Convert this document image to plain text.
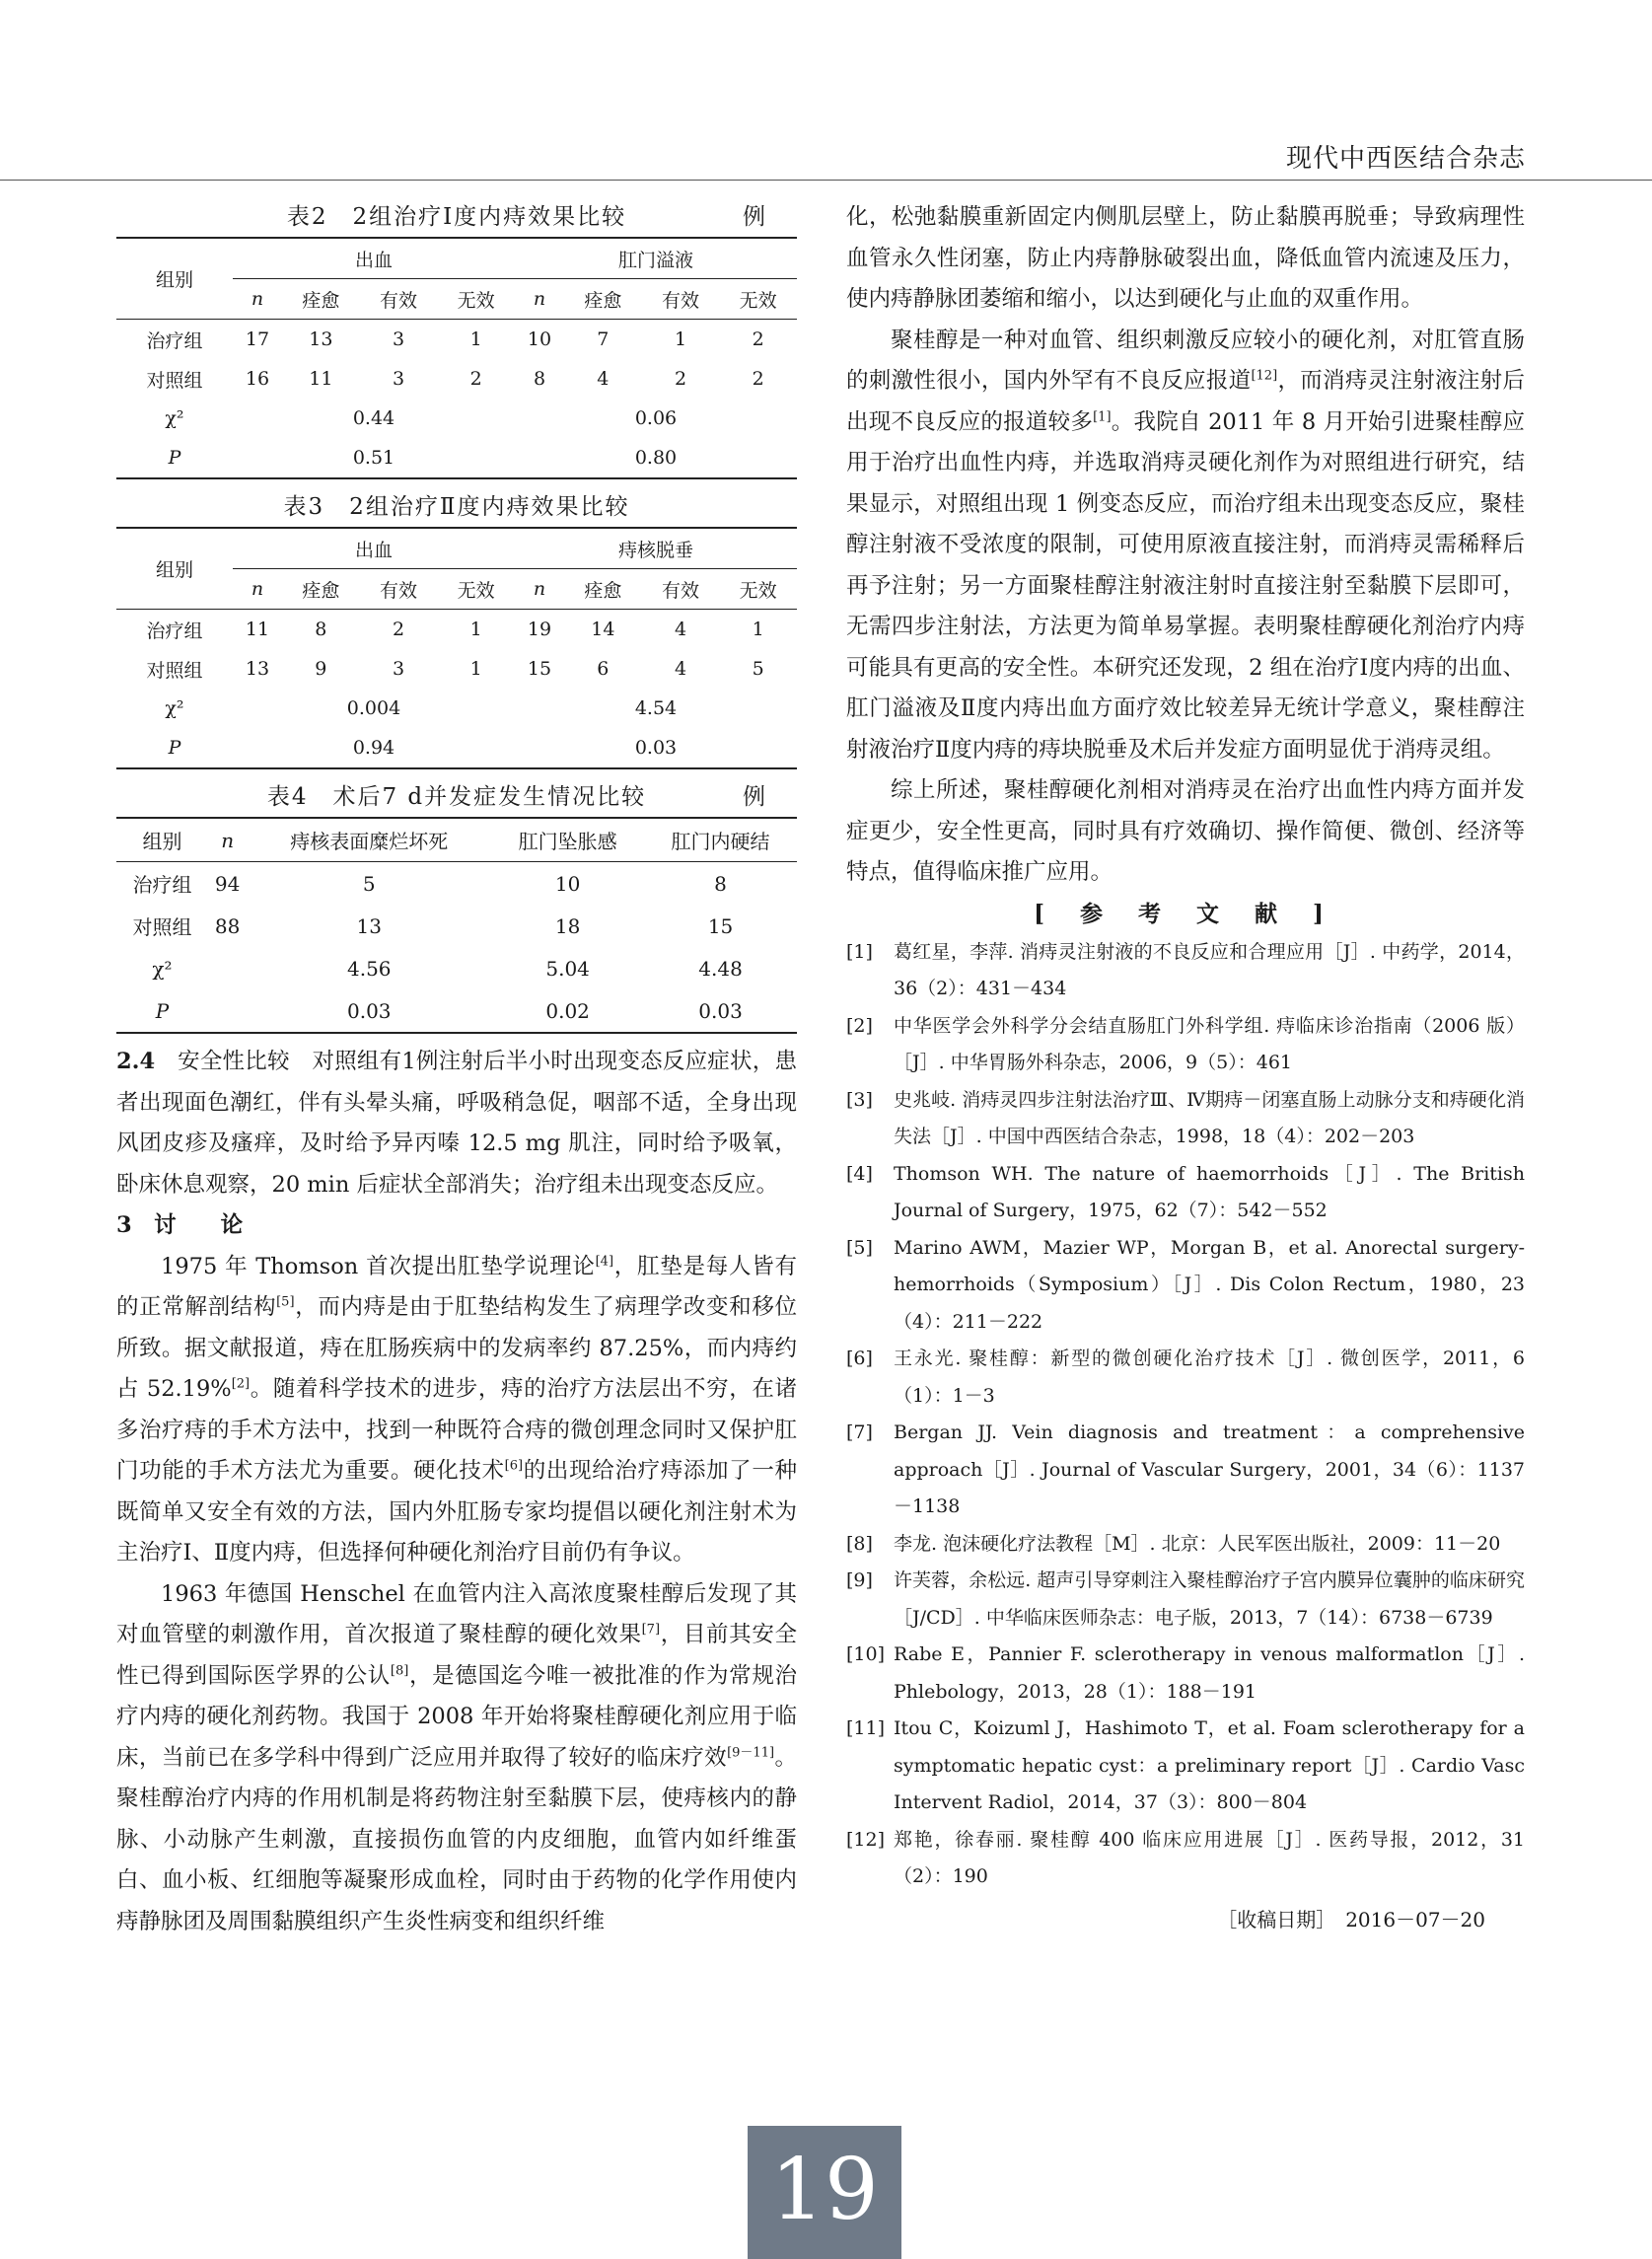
现代中西医结合杂志
表2　2组治疗Ⅰ度内痔效果比较	例
组别	出血				肛门溢液			
	n	痊愈	有效	无效	n	痊愈	有效	无效
治疗组	17	13	3	1	10	7	1	2
对照组	16	11	3	2	8	4	2	2
χ²	0.44				0.06			
P	0.51				0.80			
表3　2组治疗Ⅱ度内痔效果比较
组别	出血				痔核脱垂			
	n	痊愈	有效	无效	n	痊愈	有效	无效
治疗组	11	8	2	1	19	14	4	1
对照组	13	9	3	1	15	6	4	5
χ²	0.004				4.54			
P	0.94				0.03			
表4　术后7 d并发症发生情况比较	例
组别	n	痔核表面糜烂坏死	肛门坠胀感	肛门内硬结
治疗组	94	5	10	8
对照组	88	13	18	15
χ²		4.56	5.04	4.48
P		0.03	0.02	0.03

2.4　 安全性比较　 对照组有1例注射后半小时出现变态反应症状，患者出现面色潮红，伴有头晕头痛，呼吸稍急促，咽部不适，全身出现风团皮疹及瘙痒，及时给予异丙嗪 12.5 mg 肌注，同时给予吸氧，卧床休息观察，20 min 后症状全部消失；治疗组未出现变态反应。

3　讨　　论

1975 年 Thomson 首次提出肛垫学说理论[4]，肛垫是每人皆有的正常解剖结构[5]，而内痔是由于肛垫结构发生了病理学改变和移位所致。据文献报道，痔在肛肠疾病中的发病率约 87.25%，而内痔约占 52.19%[2]。随着科学技术的进步，痔的治疗方法层出不穷，在诸多治疗痔的手术方法中，找到一种既符合痔的微创理念同时又保护肛门功能的手术方法尤为重要。硬化技术[6]的出现给治疗痔添加了一种既简单又安全有效的方法，国内外肛肠专家均提倡以硬化剂注射术为主治疗Ⅰ、Ⅱ度内痔，但选择何种硬化剂治疗目前仍有争议。

1963 年德国 Henschel 在血管内注入高浓度聚桂醇后发现了其对血管壁的刺激作用，首次报道了聚桂醇的硬化效果[7]，目前其安全性已得到国际医学界的公认[8]，是德国迄今唯一被批准的作为常规治疗内痔的硬化剂药物。我国于 2008 年开始将聚桂醇硬化剂应用于临床，当前已在多学科中得到广泛应用并取得了较好的临床疗效[9－11]。聚桂醇治疗内痔的作用机制是将药物注射至黏膜下层，使痔核内的静脉、小动脉产生刺激，直接损伤血管的内皮细胞，血管内如纤维蛋白、血小板、红细胞等凝聚形成血栓，同时由于药物的化学作用使内痔静脉团及周围黏膜组织产生炎性病变和组织纤维

化，松弛黏膜重新固定内侧肌层壁上，防止黏膜再脱垂；导致病理性血管永久性闭塞，防止内痔静脉破裂出血，降低血管内流速及压力，使内痔静脉团萎缩和缩小，以达到硬化与止血的双重作用。

聚桂醇是一种对血管、组织刺激反应较小的硬化剂，对肛管直肠的刺激性很小，国内外罕有不良反应报道[12]，而消痔灵注射液注射后出现不良反应的报道较多[1]。我院自 2011 年 8 月开始引进聚桂醇应用于治疗出血性内痔，并选取消痔灵硬化剂作为对照组进行研究，结果显示，对照组出现 1 例变态反应，而治疗组未出现变态反应，聚桂醇注射液不受浓度的限制，可使用原液直接注射，而消痔灵需稀释后再予注射；另一方面聚桂醇注射液注射时直接注射至黏膜下层即可，无需四步注射法，方法更为简单易掌握。表明聚桂醇硬化剂治疗内痔可能具有更高的安全性。本研究还发现，2 组在治疗Ⅰ度内痔的出血、肛门溢液及Ⅱ度内痔出血方面疗效比较差异无统计学意义，聚桂醇注射液治疗Ⅱ度内痔的痔块脱垂及术后并发症方面明显优于消痔灵组。

综上所述，聚桂醇硬化剂相对消痔灵在治疗出血性内痔方面并发症更少，安全性更高，同时具有疗效确切、操作简便、微创、经济等特点，值得临床推广应用。

[ 参 考 文 献 ]
[1]	葛红星，李萍. 消痔灵注射液的不良反应和合理应用［J］. 中药学，2014，36（2）：431－434
[2]	中华医学会外科学分会结直肠肛门外科学组. 痔临床诊治指南（2006 版）［J］. 中华胃肠外科杂志，2006，9（5）：461
[3]	史兆岐. 消痔灵四步注射法治疗Ⅲ、Ⅳ期痔－闭塞直肠上动脉分支和痔硬化消失法［J］. 中国中西医结合杂志，1998，18（4）：202－203
[4]	Thomson WH. The nature of haemorrhoids［J］. The British Journal of Surgery，1975，62（7）：542－552
[5]	Marino AWM，Mazier WP，Morgan B，et al. Anorectal surgery-hemorrhoids（Symposium）［J］. Dis Colon Rectum，1980，23（4）：211－222
[6]	王永光. 聚桂醇：新型的微创硬化治疗技术［J］. 微创医学，2011，6（1）：1－3
[7]	Bergan JJ. Vein diagnosis and treatment：a comprehensive approach［J］. Journal of Vascular Surgery，2001，34（6）：1137－1138
[8]	李龙. 泡沫硬化疗法教程［M］. 北京：人民军医出版社，2009：11－20
[9]	许芙蓉，余松远. 超声引导穿刺注入聚桂醇治疗子宫内膜异位囊肿的临床研究［J/CD］. 中华临床医师杂志：电子版，2013，7（14）：6738－6739
[10] Rabe E，Pannier F. sclerotherapy in venous malformatlon［J］. Phlebology，2013，28（1）：188－191
[11] Itou C，Koizuml J，Hashimoto T，et al. Foam sclerotherapy for a symptomatic hepatic cyst：a preliminary report［J］. Cardio Vasc Intervent Radiol，2014，37（3）：800－804
[12] 郑艳，徐春丽. 聚桂醇 400 临床应用进展［J］. 医药导报，2012，31（2）：190
［收稿日期］　 2016－07－20
19
